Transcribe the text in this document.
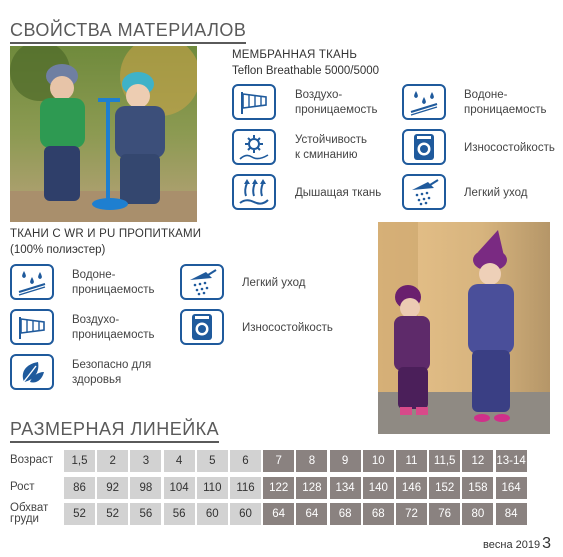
СВОЙСТВА МАТЕРИАЛОВ
МЕМБРАННАЯ ТКАНЬ
Teflon Breathable 5000/5000
Воздухо-
проницаемость
Водоне-
проницаемость
Устойчивость
к сминанию
Износостойкость
Дышащая ткань	Легкий уход
ТКАНИ С WR И PU ПРОПИТКАМИ
(100% полиэстер)
Водоне-
проницаемость
Легкий уход
Воздухо-
проницаемость
Износостойкость
Безопасно для
здоровья
РАЗМЕРНАЯ ЛИНЕЙКА
Возраст	1,5	2	3	4	5	6	7	8	9	10	11	11,5	12	13-14
Рост	86	92	98	104	110	116	122	128	134	140	146	152	158	164
Обхват
груди	52	52	56	56	60	60	64	64	68	68	72	76	80	84
весна 2019 3
